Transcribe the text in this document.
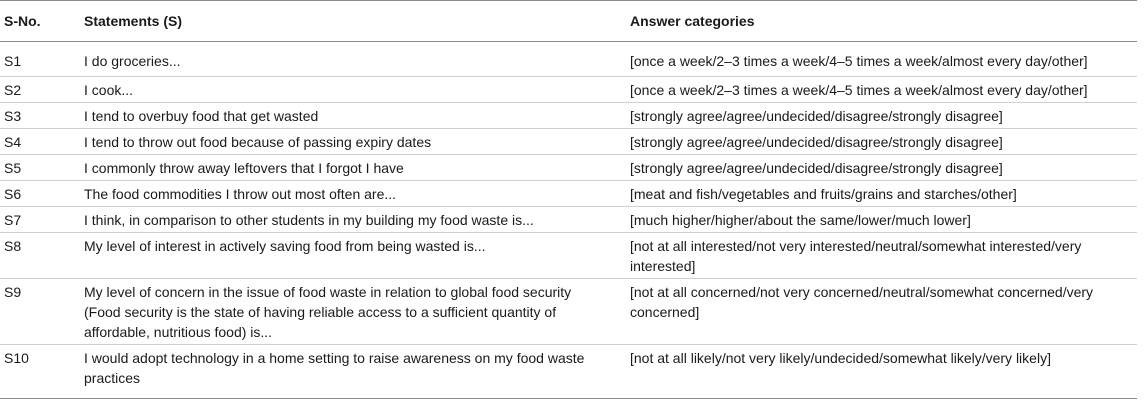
S-No.	Statements (S)	Answer categories
S1	I do groceries...	[once a week/2–3 times a week/4–5 times a week/almost every day/other]
S2	I cook...	[once a week/2–3 times a week/4–5 times a week/almost every day/other]
S3	I tend to overbuy food that get wasted	[strongly agree/agree/undecided/disagree/strongly disagree]
S4	I tend to throw out food because of passing expiry dates	[strongly agree/agree/undecided/disagree/strongly disagree]
S5	I commonly throw away leftovers that I forgot I have	[strongly agree/agree/undecided/disagree/strongly disagree]
S6	The food commodities I throw out most often are...	[meat and fish/vegetables and fruits/grains and starches/other]
S7	I think, in comparison to other students in my building my food waste is...	[much higher/higher/about the same/lower/much lower]
S8	My level of interest in actively saving food from being wasted is...	[not at all interested/not very interested/neutral/somewhat interested/very interested]
S9	My level of concern in the issue of food waste in relation to global food security (Food security is the state of having reliable access to a sufficient quantity of affordable, nutritious food) is...	[not at all concerned/not very concerned/neutral/somewhat concerned/very concerned]
S10	I would adopt technology in a home setting to raise awareness on my food waste practices	[not at all likely/not very likely/undecided/somewhat likely/very likely]
